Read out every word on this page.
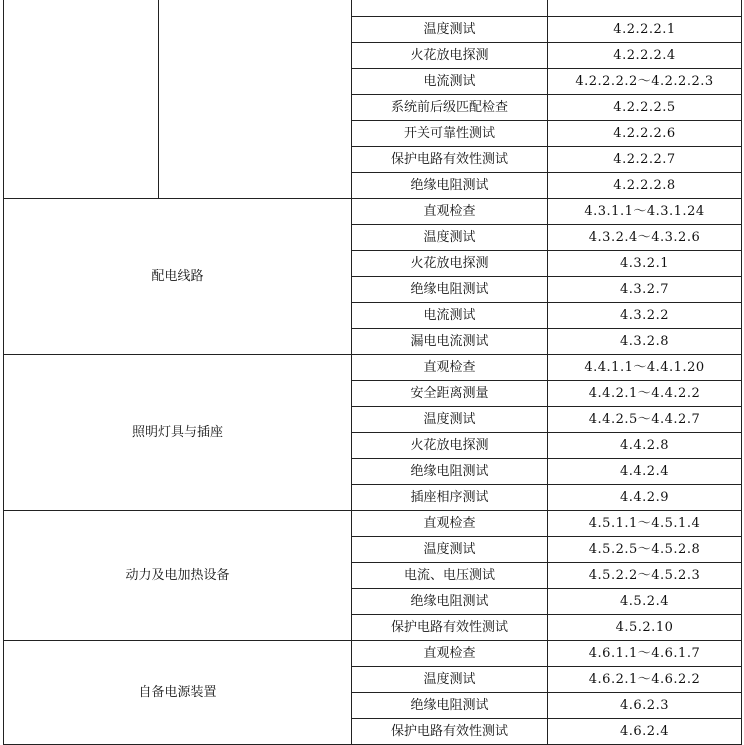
		温度测试	4.2.2.2.1
		火花放电探测	4.2.2.2.4
		电流测试	4.2.2.2.2～4.2.2.2.3
		系统前后级匹配检查	4.2.2.2.5
		开关可靠性测试	4.2.2.2.6
		保护电路有效性测试	4.2.2.2.7
		绝缘电阻测试	4.2.2.2.8
配电线路		直观检查	4.3.1.1～4.3.1.24
		温度测试	4.3.2.4～4.3.2.6
		火花放电探测	4.3.2.1
		绝缘电阻测试	4.3.2.7
		电流测试	4.3.2.2
		漏电电流测试	4.3.2.8
照明灯具与插座		直观检查	4.4.1.1～4.4.1.20
		安全距离测量	4.4.2.1～4.4.2.2
		温度测试	4.4.2.5～4.4.2.7
		火花放电探测	4.4.2.8
		绝缘电阻测试	4.4.2.4
		插座相序测试	4.4.2.9
动力及电加热设备		直观检查	4.5.1.1～4.5.1.4
		温度测试	4.5.2.5～4.5.2.8
		电流、电压测试	4.5.2.2～4.5.2.3
		绝缘电阻测试	4.5.2.4
		保护电路有效性测试	4.5.2.10
自备电源装置		直观检查	4.6.1.1～4.6.1.7
		温度测试	4.6.2.1～4.6.2.2
		绝缘电阻测试	4.6.2.3
		保护电路有效性测试	4.6.2.4
